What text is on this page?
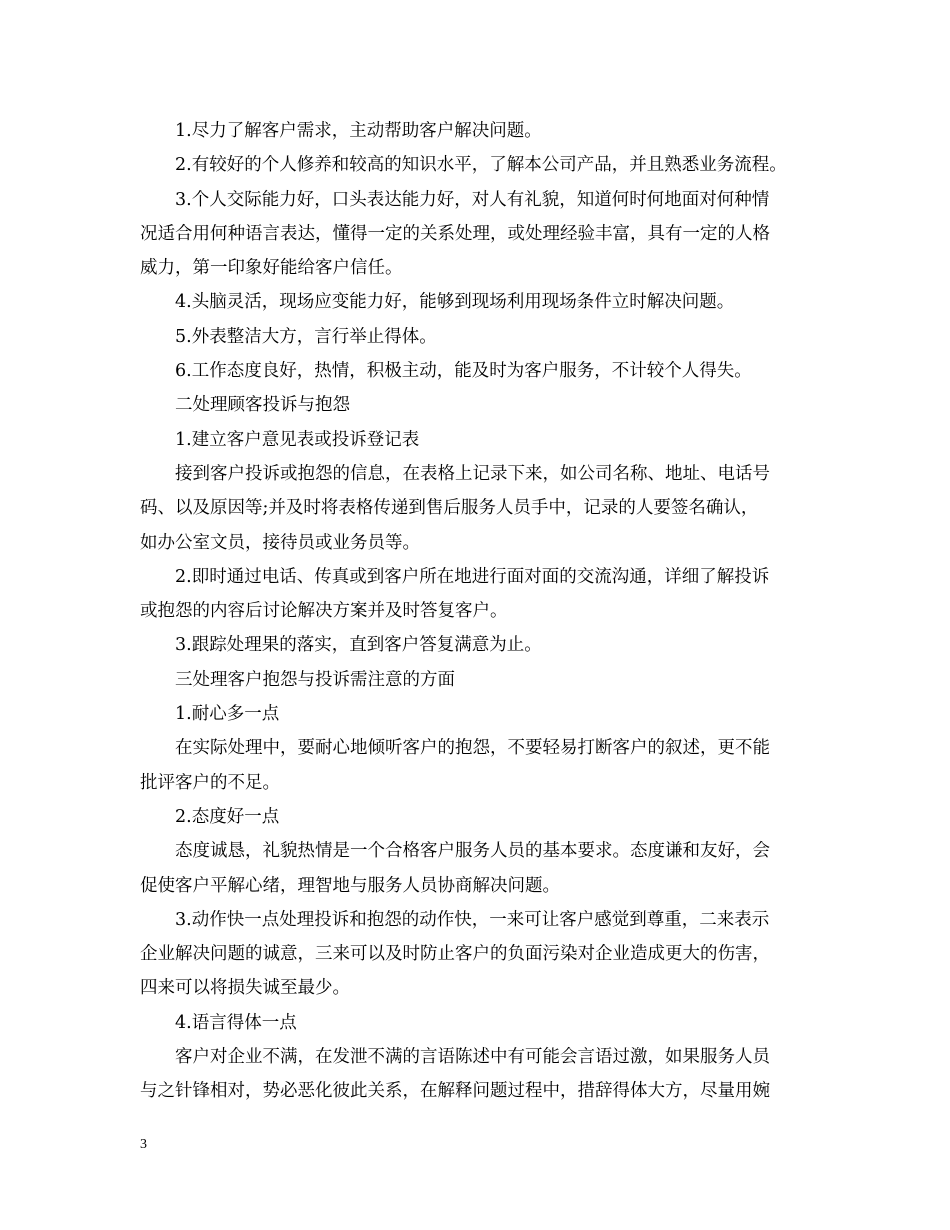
1.尽力了解客户需求，主动帮助客户解决问题。
2.有较好的个人修养和较高的知识水平，了解本公司产品，并且熟悉业务流程。
3.个人交际能力好，口头表达能力好，对人有礼貌，知道何时何地面对何种情
况适合用何种语言表达，懂得一定的关系处理，或处理经验丰富，具有一定的人格
威力，第一印象好能给客户信任。
4.头脑灵活，现场应变能力好，能够到现场利用现场条件立时解决问题。
5.外表整洁大方，言行举止得体。
6.工作态度良好，热情，积极主动，能及时为客户服务，不计较个人得失。
二处理顾客投诉与抱怨
1.建立客户意见表或投诉登记表
接到客户投诉或抱怨的信息，在表格上记录下来，如公司名称、地址、电话号
码、以及原因等;并及时将表格传递到售后服务人员手中，记录的人要签名确认，
如办公室文员，接待员或业务员等。
2.即时通过电话、传真或到客户所在地进行面对面的交流沟通，详细了解投诉
或抱怨的内容后讨论解决方案并及时答复客户。
3.跟踪处理果的落实，直到客户答复满意为止。
三处理客户抱怨与投诉需注意的方面
1.耐心多一点
在实际处理中，要耐心地倾听客户的抱怨，不要轻易打断客户的叙述，更不能
批评客户的不足。
2.态度好一点
态度诚恳，礼貌热情是一个合格客户服务人员的基本要求。态度谦和友好，会
促使客户平解心绪，理智地与服务人员协商解决问题。
3.动作快一点处理投诉和抱怨的动作快，一来可让客户感觉到尊重，二来表示
企业解决问题的诚意，三来可以及时防止客户的负面污染对企业造成更大的伤害，
四来可以将损失诚至最少。
4.语言得体一点
客户对企业不满，在发泄不满的言语陈述中有可能会言语过激，如果服务人员
与之针锋相对，势必恶化彼此关系，在解释问题过程中，措辞得体大方，尽量用婉
3
